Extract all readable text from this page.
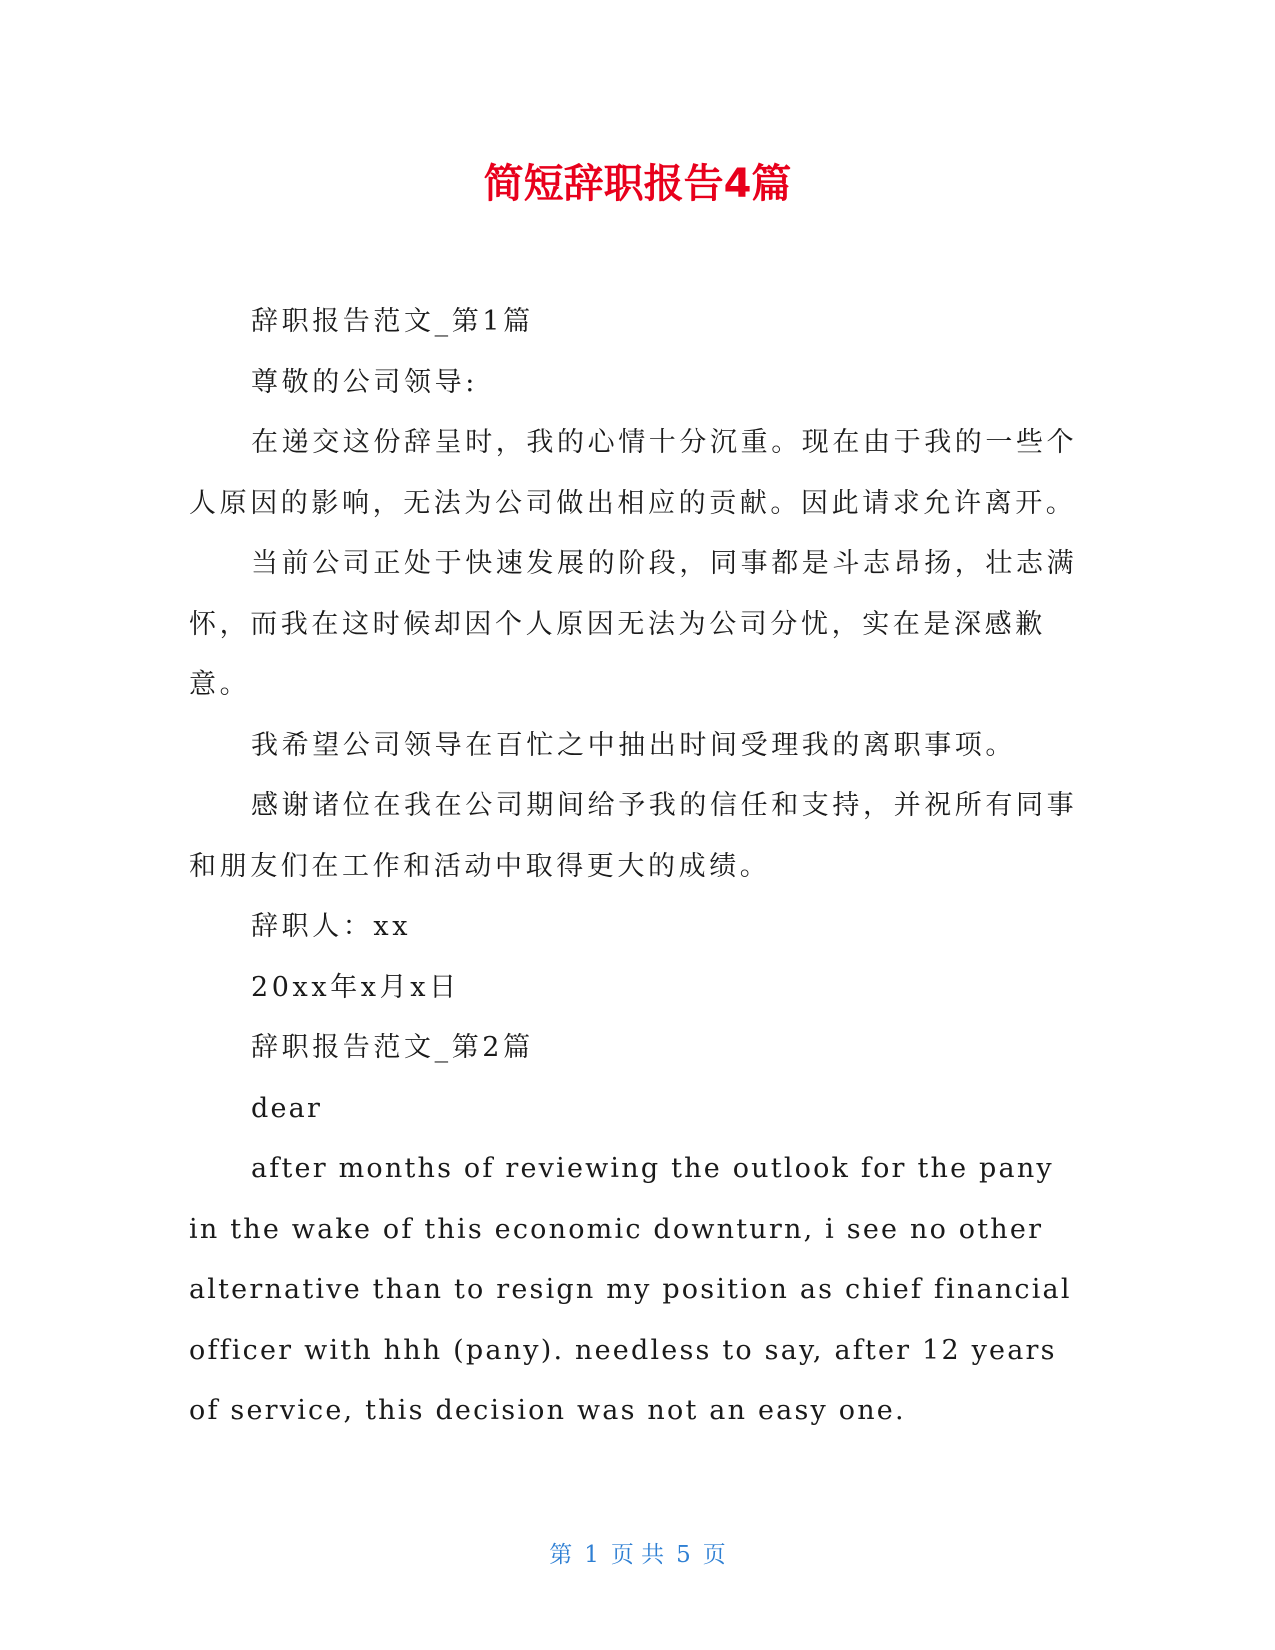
简短辞职报告4篇

辞职报告范文_第1篇

尊敬的公司领导:

在递交这份辞呈时，我的心情十分沉重。现在由于我的一些个人原因的影响，无法为公司做出相应的贡献。因此请求允许离开。

当前公司正处于快速发展的阶段，同事都是斗志昂扬，壮志满怀，而我在这时候却因个人原因无法为公司分忧，实在是深感歉意。

我希望公司领导在百忙之中抽出时间受理我的离职事项。

感谢诸位在我在公司期间给予我的信任和支持，并祝所有同事和朋友们在工作和活动中取得更大的成绩。

辞职人：xx

20xx年x月x日

辞职报告范文_第2篇

dear

after months of reviewing the outlook for the pany in the wake of this economic downturn, i see no other alternative than to resign my position as chief financial officer with hhh (pany). needless to say, after 12 years of service, this decision was not an easy one.

第 1 页 共 5 页
